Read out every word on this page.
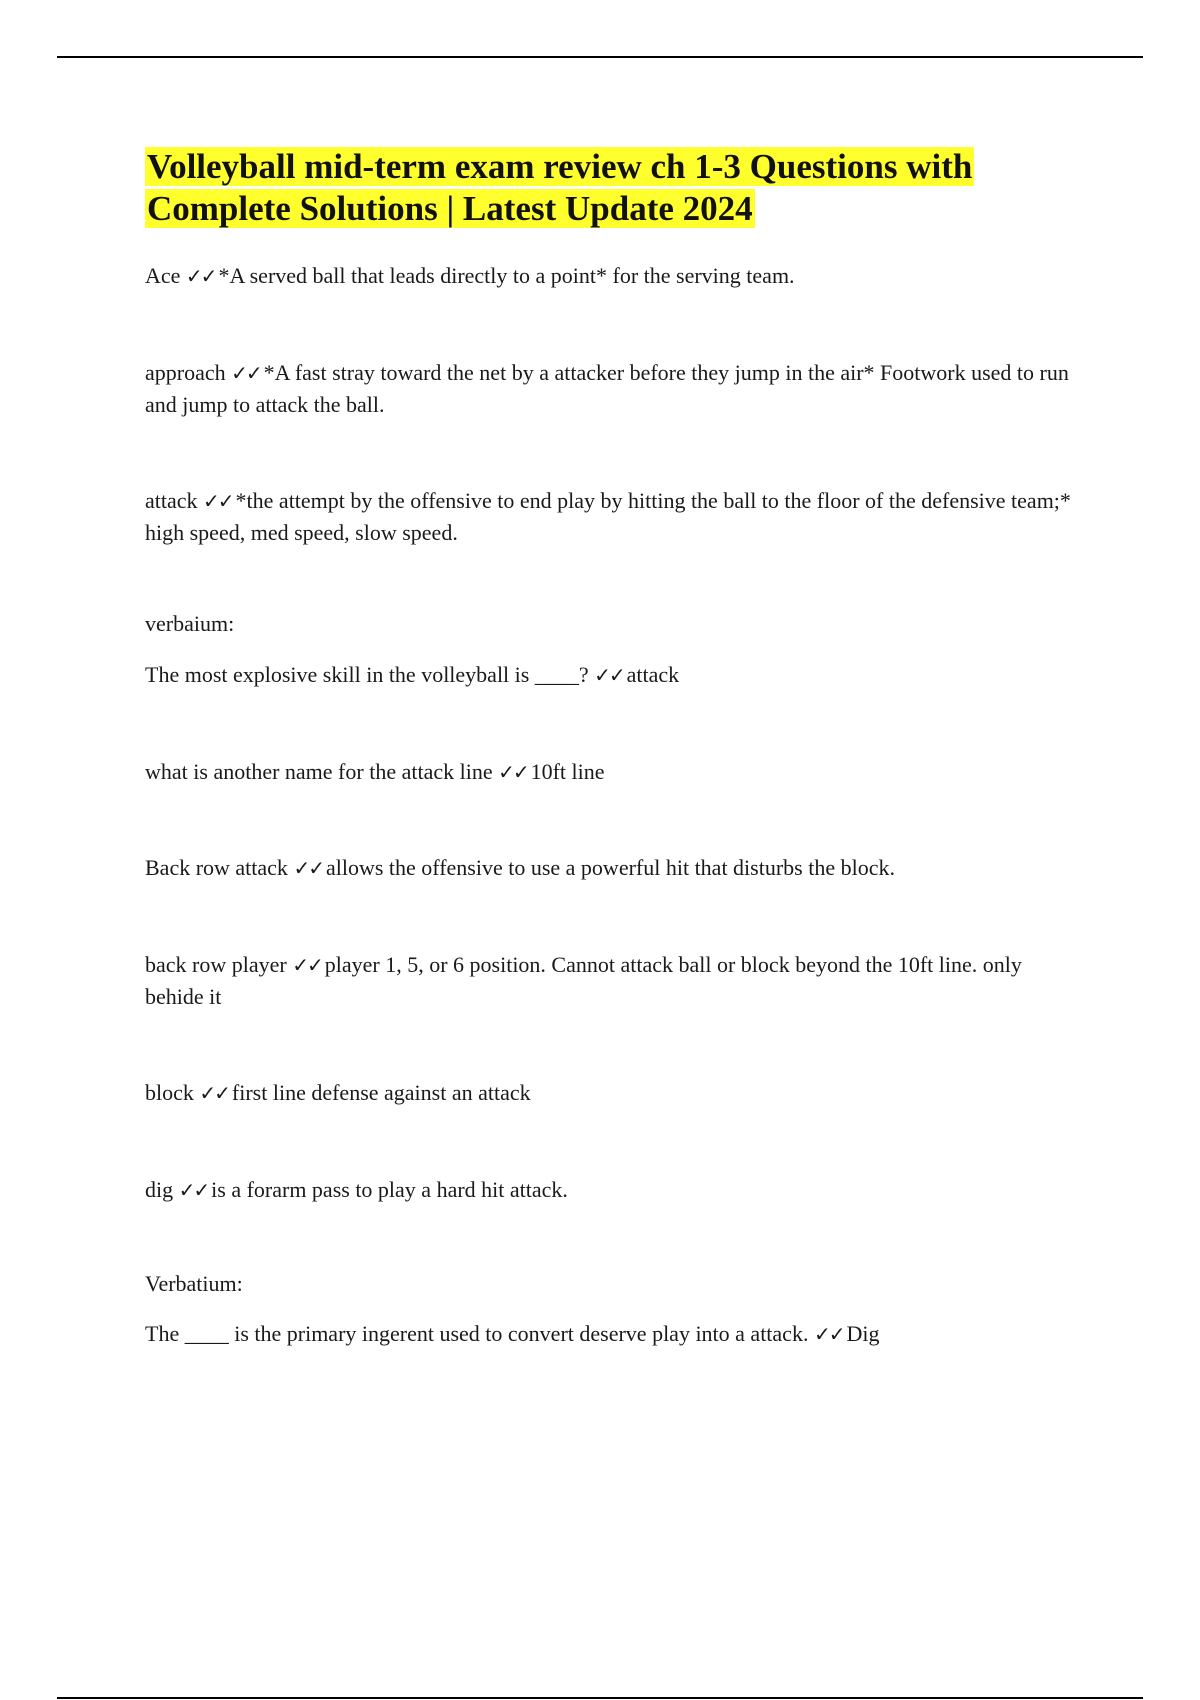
Volleyball mid-term exam review ch 1-3 Questions with Complete Solutions | Latest Update 2024

Ace ✓✓ *A served ball that leads directly to a point* for the serving team.

approach ✓✓ *A fast stray toward the net by a attacker before they jump in the air* Footwork used to run and jump to attack the ball.

attack ✓✓ *the attempt by the offensive to end play by hitting the ball to the floor of the defensive team;* high speed, med speed, slow speed.

verbaium:

The most explosive skill in the volleyball is ____? ✓✓ attack

what is another name for the attack line ✓✓ 10ft line

Back row attack ✓✓ allows the offensive to use a powerful hit that disturbs the block.

back row player ✓✓ player 1, 5, or 6 position. Cannot attack ball or block beyond the 10ft line. only behide it

block ✓✓ first line defense against an attack

dig ✓✓ is a forarm pass to play a hard hit attack.

Verbatium:

The ____ is the primary ingerent used to convert deserve play into a attack. ✓✓ Dig
